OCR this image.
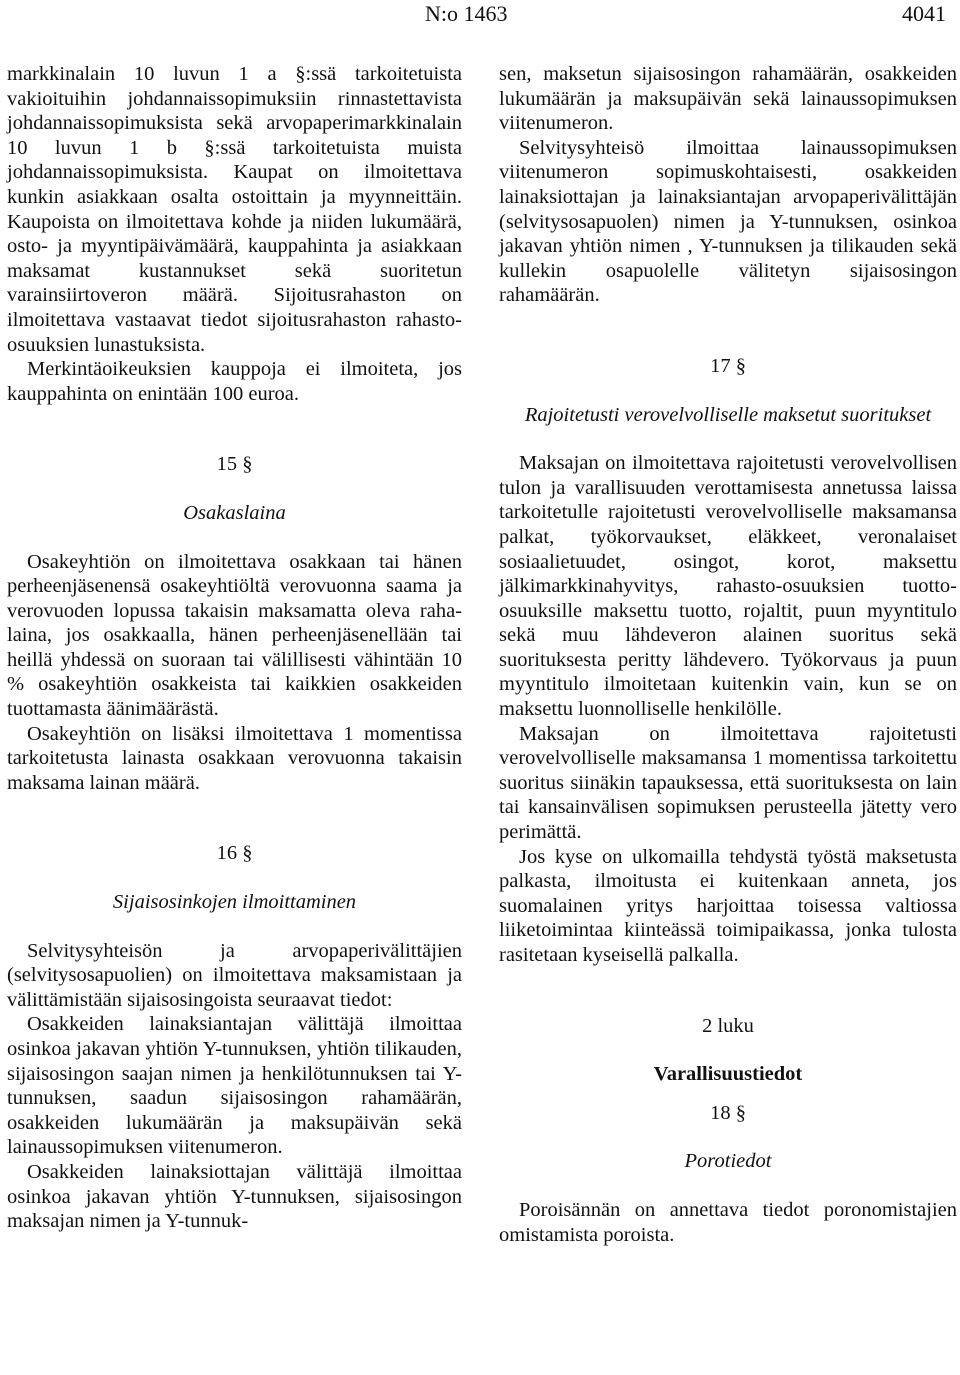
N:o 1463	4041

markkinalain 10 luvun 1 a §:ssä tarkoitetuista vakioituihin johdannaissopimuksiin rinnastettavista johdannaissopimuksista sekä arvopaperimarkkinalain 10 luvun 1 b §:ssä tarkoitetuista muista johdannaissopimuksista. Kaupat on ilmoitettava kunkin asiakkaan osalta ostoittain ja myynneittäin. Kaupoista on ilmoitettava kohde ja niiden lukumäärä, osto- ja myyntipäivämäärä, kauppahinta ja asiakkaan maksamat kustannukset sekä suoritetun varainsiirtoveron määrä. Sijoitusrahaston on ilmoitettava vastaavat tiedot sijoitusrahaston rahasto-osuuksien lunastuksista.

Merkintäoikeuksien kauppoja ei ilmoiteta, jos kauppahinta on enintään 100 euroa.

15 §
Osakaslaina

Osakeyhtiön on ilmoitettava osakkaan tai hänen perheenjäsenensä osakeyhtiöltä verovuonna saama ja verovuoden lopussa takaisin maksamatta oleva raha-laina, jos osakkaalla, hänen perheenjäsenellään tai heillä yhdessä on suoraan tai välillisesti vähintään 10 % osakeyhtiön osakkeista tai kaikkien osakkeiden tuottamasta äänimäärästä.

Osakeyhtiön on lisäksi ilmoitettava 1 momentissa tarkoitetusta lainasta osakkaan verovuonna takaisin maksama lainan määrä.

16 §
Sijaisosinkojen ilmoittaminen

Selvitysyhteisön ja arvopaperivälittäjien (selvitysosapuolien) on ilmoitettava maksamistaan ja välittämistään sijaisosingoista seuraavat tiedot:

Osakkeiden lainaksiantajan välittäjä ilmoittaa osinkoa jakavan yhtiön Y-tunnuksen, yhtiön tilikauden, sijaisosingon saajan nimen ja henkilötunnuksen tai Y-tunnuksen, saadun sijaisosingon rahamäärän, osakkeiden lukumäärän ja maksupäivän sekä lainaussopimuksen viitenumeron.

Osakkeiden lainaksiottajan välittäjä ilmoittaa osinkoa jakavan yhtiön Y-tunnuksen, sijaisosingon maksajan nimen ja Y-tunnuk-

sen, maksetun sijaisosingon rahamäärän, osakkeiden lukumäärän ja maksupäivän sekä lainaussopimuksen viitenumeron.

Selvitysyhteisö ilmoittaa lainaussopimuksen viitenumeron sopimuskohtaisesti, osakkeiden lainaksiottajan ja lainaksiantajan arvopaperivälittäjän (selvitysosapuolen) nimen ja Y-tunnuksen, osinkoa jakavan yhtiön nimen , Y-tunnuksen ja tilikauden sekä kullekin osapuolelle välitetyn sijaisosingon rahamäärän.

17 §
Rajoitetusti verovelvolliselle maksetut suoritukset

Maksajan on ilmoitettava rajoitetusti verovelvollisen tulon ja varallisuuden verottamisesta annetussa laissa tarkoitetulle rajoitetusti verovelvolliselle maksamansa palkat, työkorvaukset, eläkkeet, veronalaiset sosiaalietuudet, osingot, korot, maksettu jälkimarkkinahyvitys, rahasto-osuuksien tuotto-osuuksille maksettu tuotto, rojaltit, puun myyntitulo sekä muu lähdeveron alainen suoritus sekä suorituksesta peritty lähdevero. Työkorvaus ja puun myyntitulo ilmoitetaan kuitenkin vain, kun se on maksettu luonnolliselle henkilölle.

Maksajan on ilmoitettava rajoitetusti verovelvolliselle maksamansa 1 momentissa tarkoitettu suoritus siinäkin tapauksessa, että suorituksesta on lain tai kansainvälisen sopimuksen perusteella jätetty vero perimättä.

Jos kyse on ulkomailla tehdystä työstä maksetusta palkasta, ilmoitusta ei kuitenkaan anneta, jos suomalainen yritys harjoittaa toisessa valtiossa liiketoimintaa kiinteässä toimipaikassa, jonka tulosta rasitetaan kyseisellä palkalla.

2 luku
Varallisuustiedot
18 §
Porotiedot

Poroisännän on annettava tiedot poronomistajien omistamista poroista.
